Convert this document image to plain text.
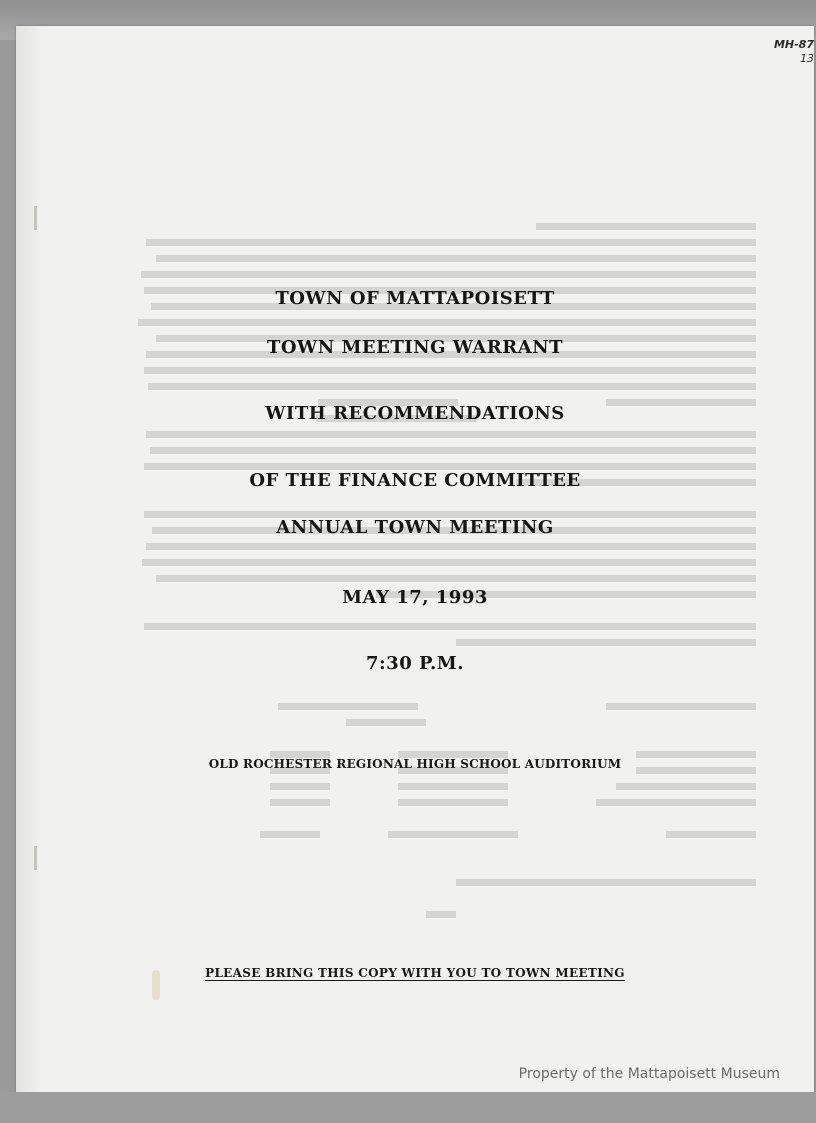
TOWN OF MATTAPOISETT
TOWN MEETING WARRANT
WITH RECOMMENDATIONS
OF THE FINANCE COMMITTEE
ANNUAL TOWN MEETING
MAY 17, 1993
7:30 P.M.
OLD ROCHESTER REGIONAL HIGH SCHOOL AUDITORIUM
PLEASE BRING THIS COPY WITH YOU TO TOWN MEETING
MH-87
13
Property of the Mattapoisett Museum
